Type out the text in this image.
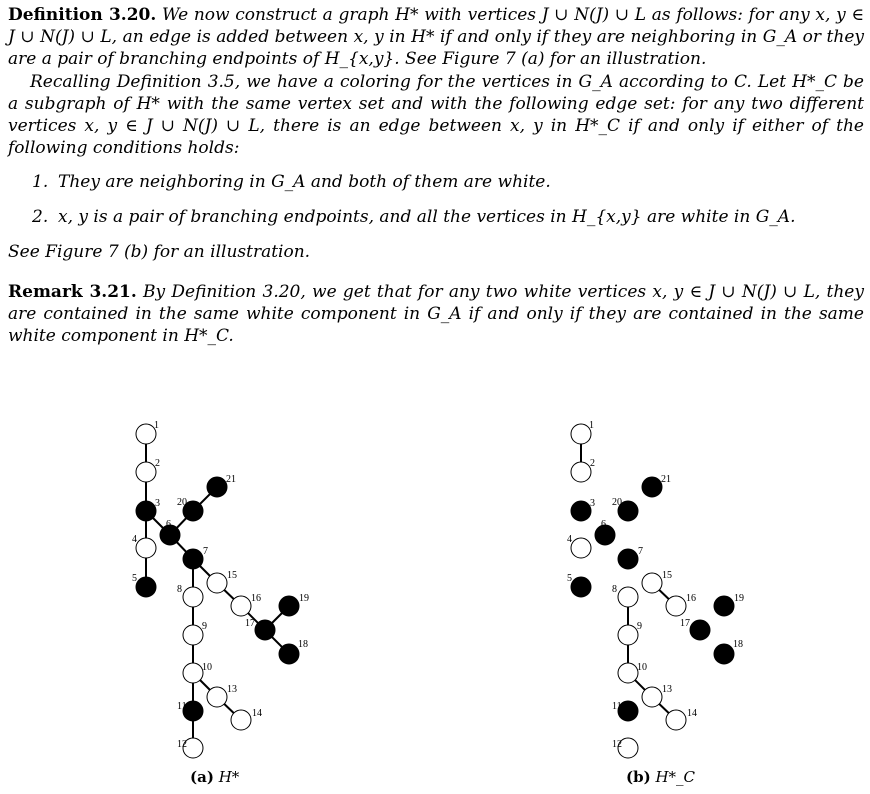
Definition 3.20. We now construct a graph H* with vertices J ∪ N(J) ∪ L as follows: for any x, y ∈ J ∪ N(J) ∪ L, an edge is added between x, y in H* if and only if they are neighboring in G_A or they are a pair of branching endpoints of H_{x,y}. See Figure 7 (a) for an illustration.

Recalling Definition 3.5, we have a coloring for the vertices in G_A according to C. Let H*_C be a subgraph of H* with the same vertex set and with the following edge set: for any two different vertices x, y ∈ J ∪ N(J) ∪ L, there is an edge between x, y in H*_C if and only if either of the following conditions holds:

1. They are neighboring in G_A and both of them are white.
2. x, y is a pair of branching endpoints, and all the vertices in H_{x,y} are white in G_A.

See Figure 7 (b) for an illustration.

Remark 3.21. By Definition 3.20, we get that for any two white vertices x, y ∈ J ∪ N(J) ∪ L, they are contained in the same white component in G_A if and only if they are contained in the same white component in H*_C.

1
2
3
4
5
6
7
8
9
10
11
12
13
14
15
16
17
18
19
20
21
1
2
3
4
5
6
7
8
9
10
11
12
13
14
15
16
17
18
19
20
21
(a) H*	(b) H*_C
